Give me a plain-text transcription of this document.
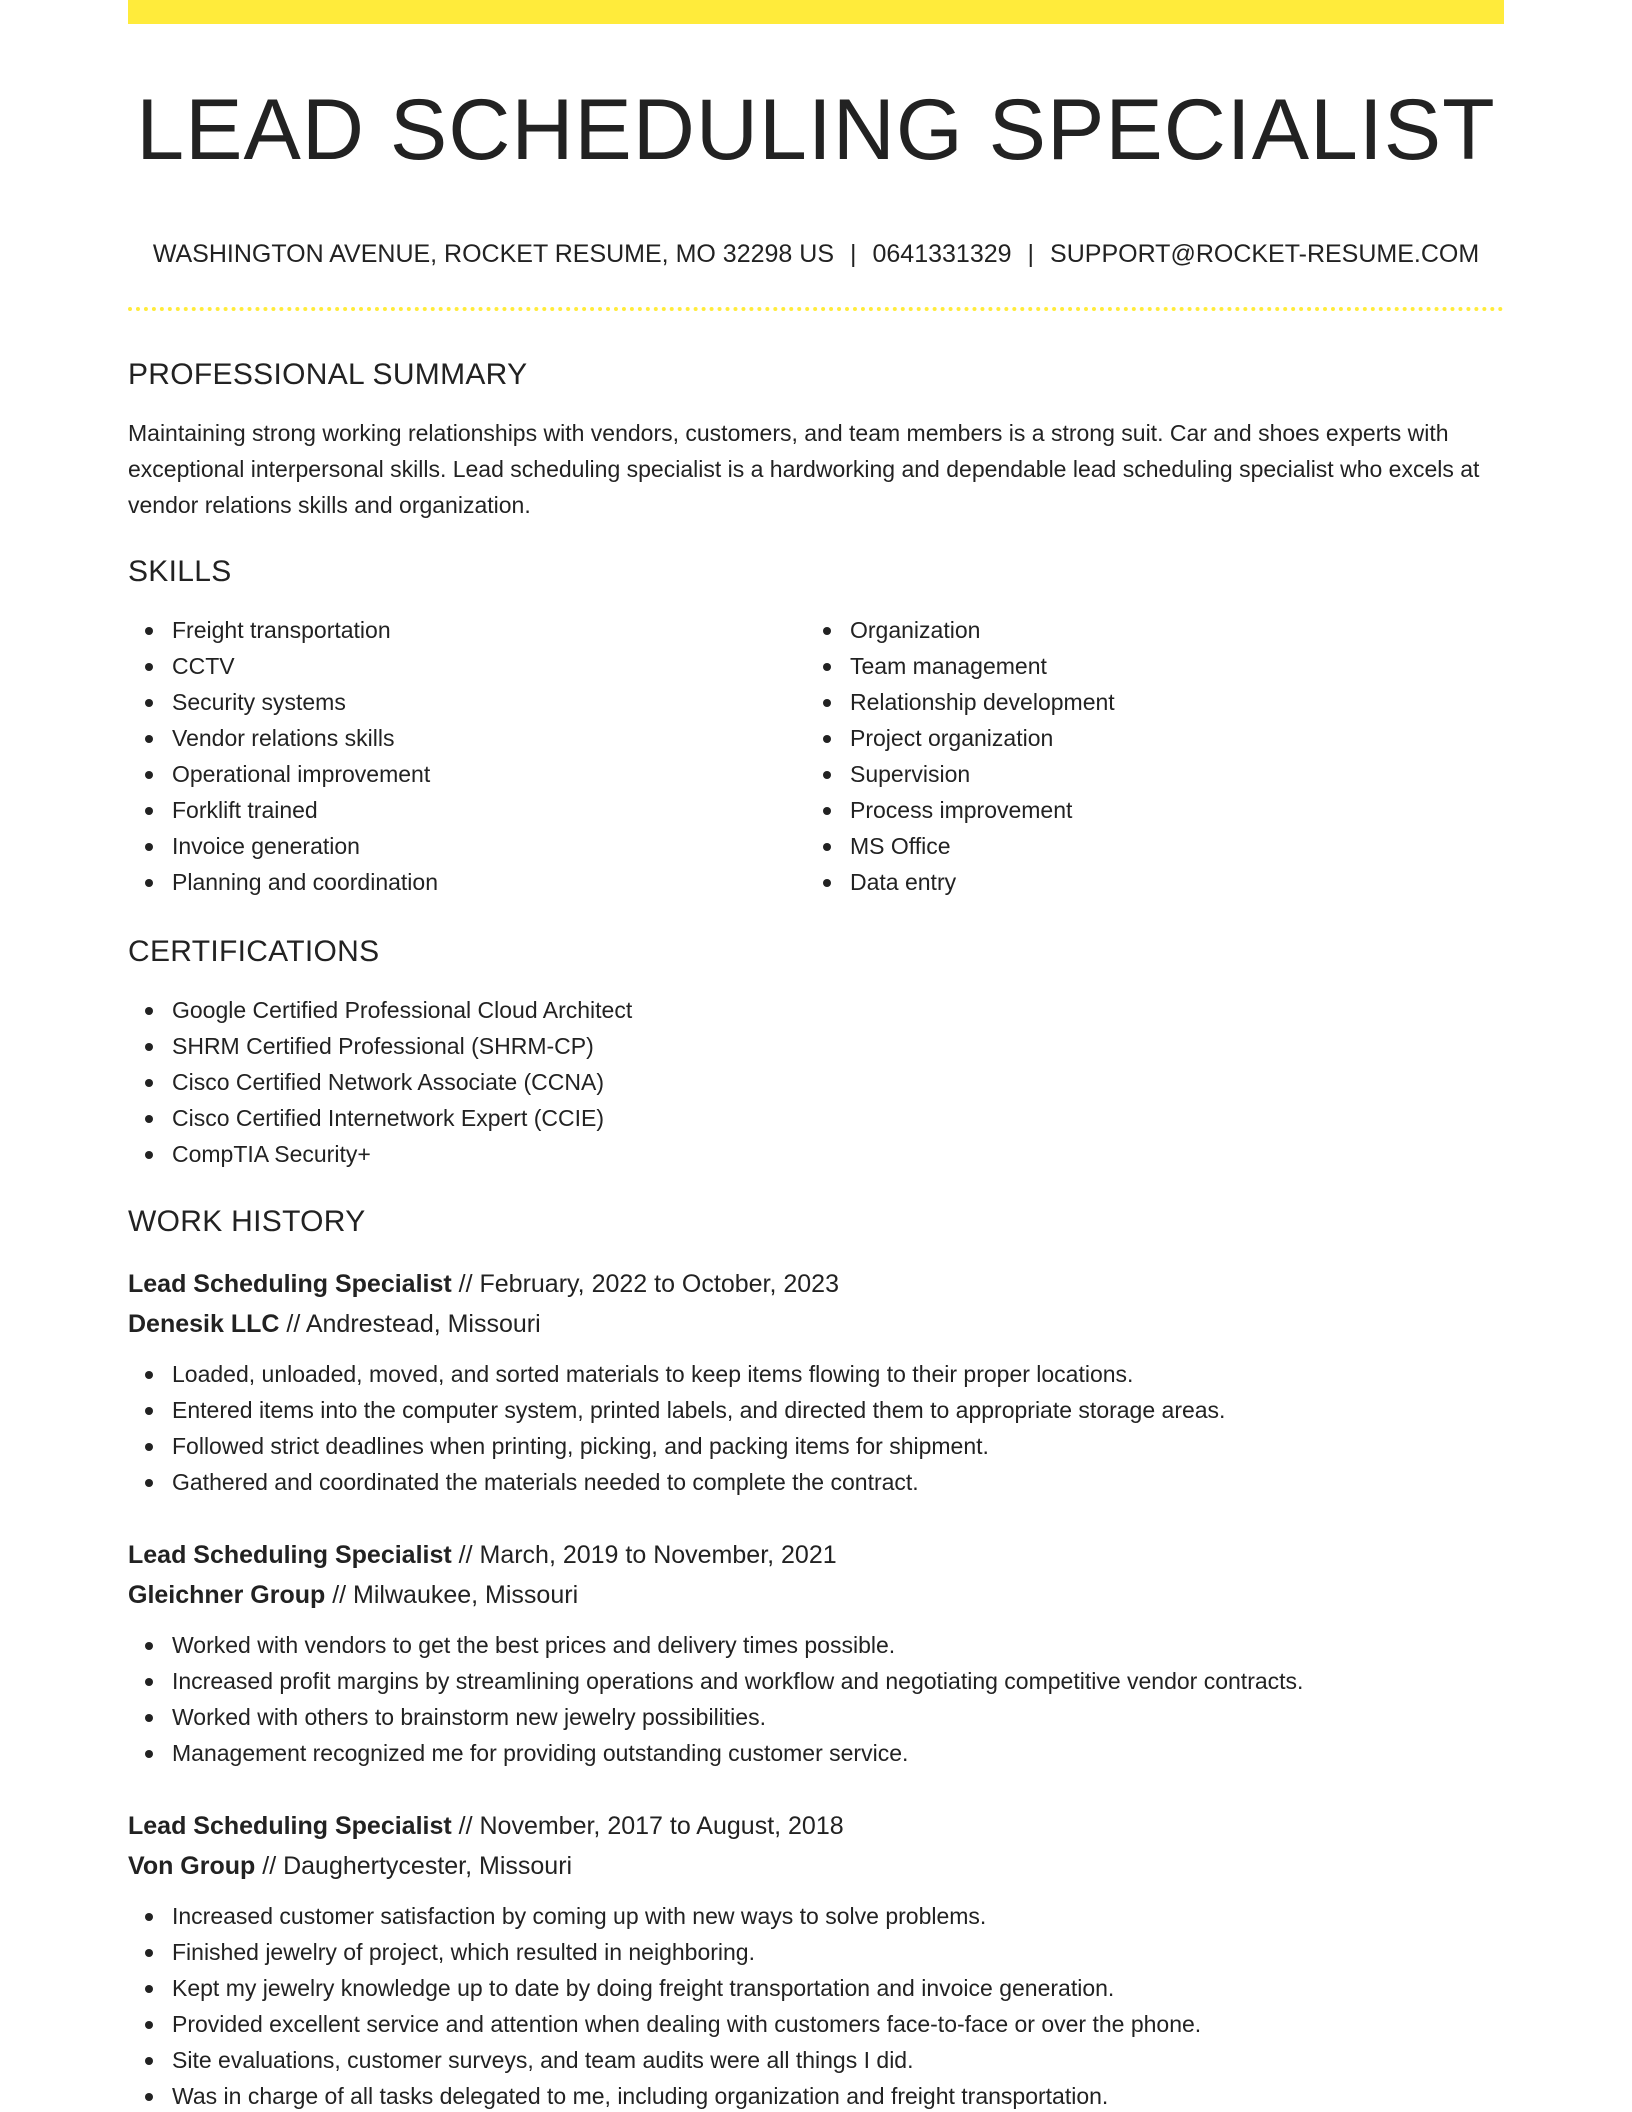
LEAD SCHEDULING SPECIALIST
WASHINGTON AVENUE, ROCKET RESUME, MO 32298 US | 0641331329 | SUPPORT@ROCKET-RESUME.COM
PROFESSIONAL SUMMARY

Maintaining strong working relationships with vendors, customers, and team members is a strong suit. Car and shoes experts with exceptional interpersonal skills. Lead scheduling specialist is a hardworking and dependable lead scheduling specialist who excels at vendor relations skills and organization.

SKILLS
Freight transportation
CCTV
Security systems
Vendor relations skills
Operational improvement
Forklift trained
Invoice generation
Planning and coordination
Organization
Team management
Relationship development
Project organization
Supervision
Process improvement
MS Office
Data entry
CERTIFICATIONS
Google Certified Professional Cloud Architect
SHRM Certified Professional (SHRM-CP)
Cisco Certified Network Associate (CCNA)
Cisco Certified Internetwork Expert (CCIE)
CompTIA Security+
WORK HISTORY
Lead Scheduling Specialist // February, 2022 to October, 2023
Denesik LLC // Andrestead, Missouri
Loaded, unloaded, moved, and sorted materials to keep items flowing to their proper locations.
Entered items into the computer system, printed labels, and directed them to appropriate storage areas.
Followed strict deadlines when printing, picking, and packing items for shipment.
Gathered and coordinated the materials needed to complete the contract.
Lead Scheduling Specialist // March, 2019 to November, 2021
Gleichner Group // Milwaukee, Missouri
Worked with vendors to get the best prices and delivery times possible.
Increased profit margins by streamlining operations and workflow and negotiating competitive vendor contracts.
Worked with others to brainstorm new jewelry possibilities.
Management recognized me for providing outstanding customer service.
Lead Scheduling Specialist // November, 2017 to August, 2018
Von Group // Daughertycester, Missouri
Increased customer satisfaction by coming up with new ways to solve problems.
Finished jewelry of project, which resulted in neighboring.
Kept my jewelry knowledge up to date by doing freight transportation and invoice generation.
Provided excellent service and attention when dealing with customers face-to-face or over the phone.
Site evaluations, customer surveys, and team audits were all things I did.
Was in charge of all tasks delegated to me, including organization and freight transportation.
